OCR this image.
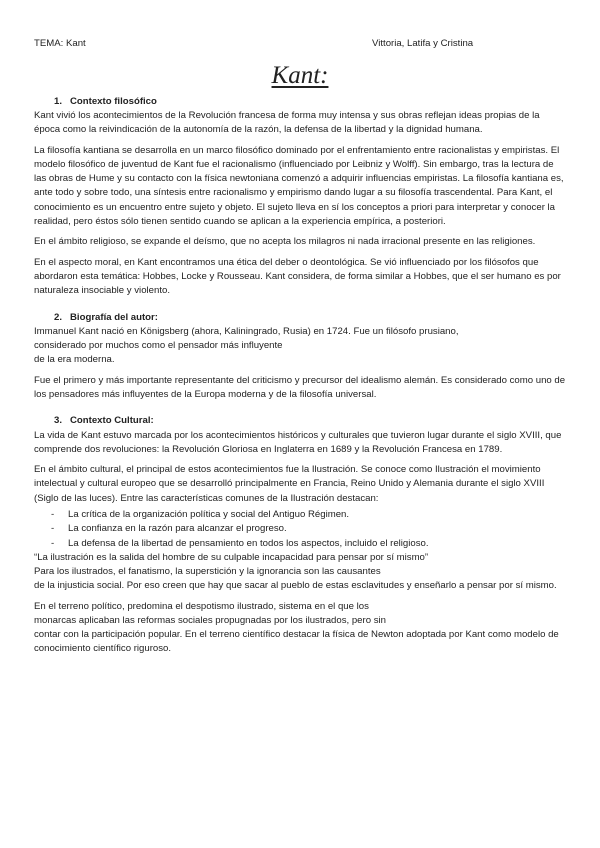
TEMA: Kant	Vittoria, Latifa y Cristina
Kant:
1. Contexto filosófico

Kant vivió los acontecimientos de la Revolución francesa de forma muy intensa y sus obras reflejan ideas propias de la época como la reivindicación de la autonomía de la razón, la defensa de la libertad y la dignidad humana.

La filosofía kantiana se desarrolla en un marco filosófico dominado por el enfrentamiento entre racionalistas y empiristas. El modelo filosófico de juventud de Kant fue el racionalismo (influenciado por Leibniz y Wolff). Sin embargo, tras la lectura de las obras de Hume y su contacto con la física newtoniana comenzó a adquirir influencias empiristas. La filosofía kantiana es, ante todo y sobre todo, una síntesis entre racionalismo y empirismo dando lugar a su filosofía trascendental. Para Kant, el conocimiento es un encuentro entre sujeto y objeto. El sujeto lleva en sí los conceptos a priori para interpretar y conocer la realidad, pero éstos sólo tienen sentido cuando se aplican a la experiencia empírica, a posteriori.

En el ámbito religioso, se expande el deísmo, que no acepta los milagros ni nada irracional presente en las religiones.

En el aspecto moral, en Kant encontramos una ética del deber o deontológica. Se vió influenciado por los filósofos que abordaron esta temática: Hobbes, Locke y Rousseau. Kant considera, de forma similar a Hobbes, que el ser humano es por naturaleza insociable y violento.

2. Biografía del autor:
Immanuel Kant nació en Königsberg (ahora, Kaliningrado, Rusia) en 1724. Fue un filósofo prusiano,
considerado por muchos como el pensador más influyente

de la era moderna.

Fue el primero y más importante representante del criticismo y precursor del idealismo alemán. Es considerado como uno de los pensadores más influyentes de la Europa moderna y de la filosofía universal.

3. Contexto Cultural:

La vida de Kant estuvo marcada por los acontecimientos históricos y culturales que tuvieron lugar durante el siglo XVIII, que comprende dos revoluciones: la Revolución Gloriosa en Inglaterra en 1689 y la Revolución Francesa en 1789.

En el ámbito cultural, el principal de estos acontecimientos fue la Ilustración. Se conoce como Ilustración el movimiento intelectual y cultural europeo que se desarrolló principalmente en Francia, Reino Unido y Alemania durante el siglo XVIII (Siglo de las luces). Entre las características comunes de la Ilustración destacan:

- La crítica de la organización política y social del Antiguo Régimen.
- La confianza en la razón para alcanzar el progreso.
- La defensa de la libertad de pensamiento en todos los aspectos, incluido el religioso.
“La ilustración es la salida del hombre de su culpable incapacidad para pensar por sí mismo”
Para los ilustrados, el fanatismo, la superstición y la ignorancia son las causantes

de la injusticia social. Por eso creen que hay que sacar al pueblo de estas esclavitudes y enseñarlo a pensar por sí mismo.

En el terreno político, predomina el despotismo ilustrado, sistema en el que los
monarcas aplicaban las reformas sociales propugnadas por los ilustrados, pero sin
contar con la participación popular. En el terreno científico destacar la física de Newton adoptada por Kant como modelo de conocimiento científico riguroso.
